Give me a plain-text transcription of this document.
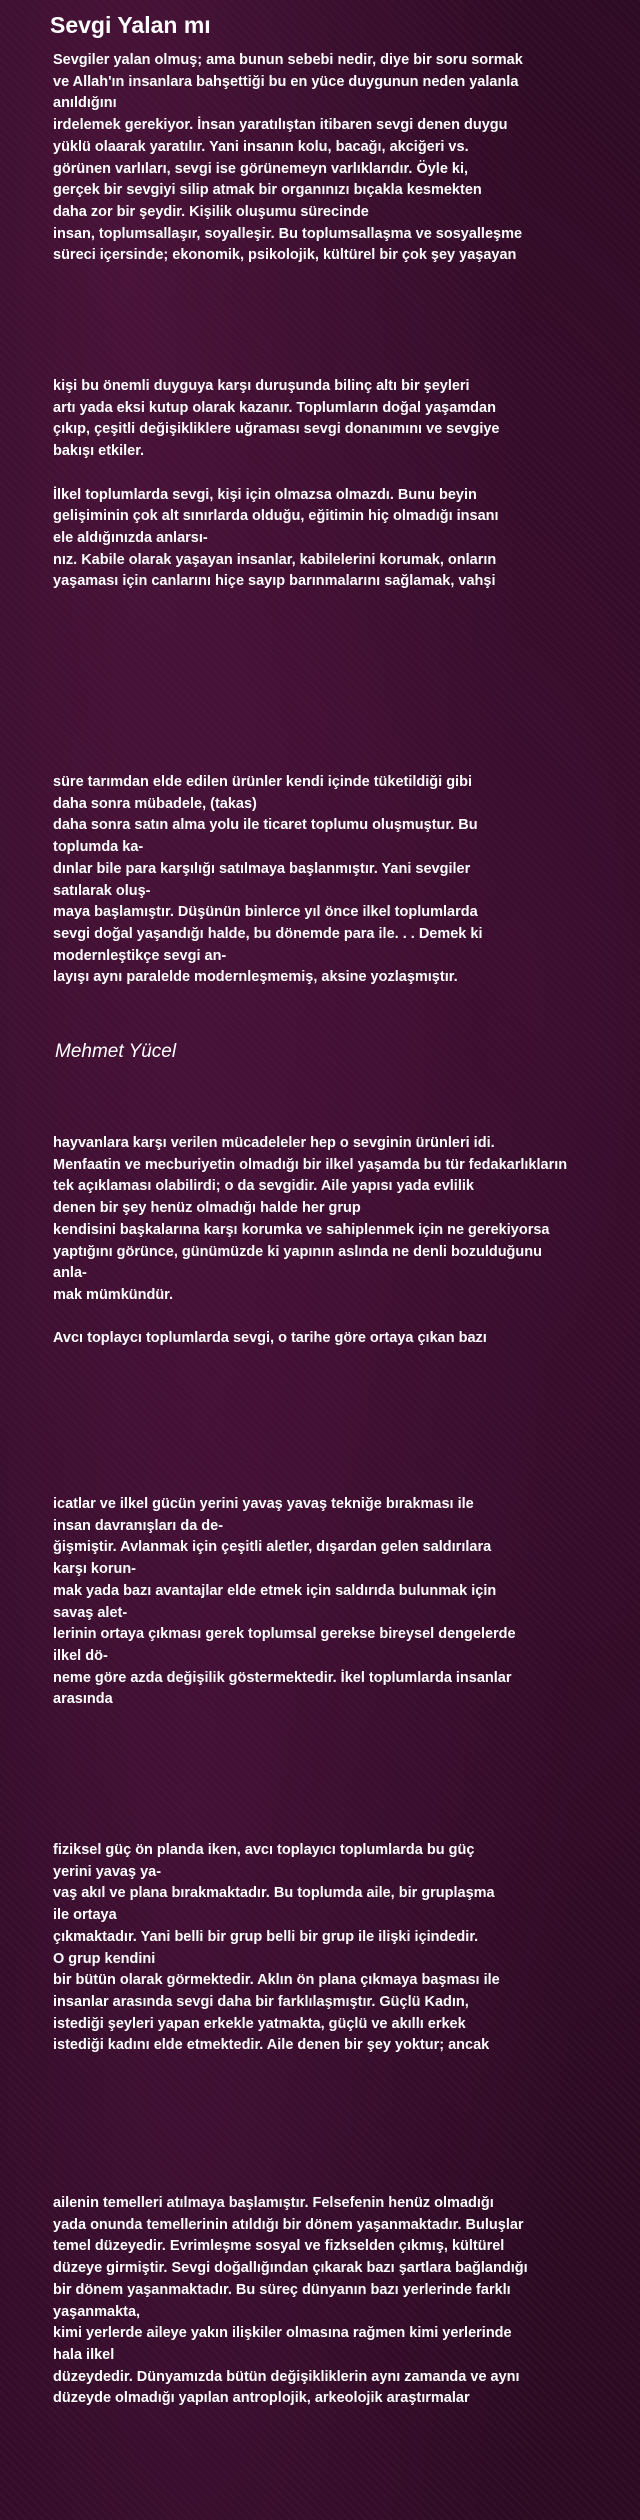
Sevgi Yalan mı

Sevgiler yalan olmuş; ama bunun sebebi nedir, diye bir soru sormak

ve Allah'ın insanlara bahşettiği bu en yüce duygunun neden yalanla

anıldığını

irdelemek gerekiyor. İnsan yaratılıştan itibaren sevgi denen duygu

yüklü olaarak yaratılır. Yani insanın kolu, bacağı, akciğeri vs.

görünen varlıları, sevgi ise görünemeyn varlıklarıdır. Öyle ki,

gerçek bir sevgiyi silip atmak bir organınızı bıçakla kesmekten

daha zor bir şeydir. Kişilik oluşumu sürecinde

insan, toplumsallaşır, soyalleşir. Bu toplumsallaşma ve sosyalleşme

süreci içersinde; ekonomik, psikolojik, kültürel bir çok şey yaşayan

kişi bu önemli duyguya karşı duruşunda bilinç altı bir şeyleri

artı yada eksi kutup olarak kazanır. Toplumların doğal yaşamdan

çıkıp, çeşitli değişikliklere uğraması sevgi donanımını ve sevgiye

bakışı etkiler.

İlkel toplumlarda sevgi, kişi için olmazsa olmazdı. Bunu beyin

gelişiminin çok alt sınırlarda olduğu, eğitimin hiç olmadığı insanı

ele aldığınızda anlarsı-

nız. Kabile olarak yaşayan insanlar, kabilelerini korumak, onların

yaşaması için canlarını hiçe sayıp barınmalarını sağlamak, vahşi

süre tarımdan elde edilen ürünler kendi içinde tüketildiği gibi

daha sonra mübadele, (takas)

daha sonra satın alma yolu ile ticaret toplumu oluşmuştur. Bu

toplumda ka-

dınlar bile para karşılığı satılmaya başlanmıştır. Yani sevgiler

satılarak oluş-

maya başlamıştır. Düşünün binlerce yıl önce ilkel toplumlarda

sevgi doğal yaşandığı halde, bu dönemde para ile. . . Demek ki

modernleştikçe sevgi an-

layışı aynı paralelde modernleşmemiş, aksine yozlaşmıştır.

Mehmet Yücel

hayvanlara karşı verilen mücadeleler hep o sevginin ürünleri idi.

Menfaatin ve mecburiyetin olmadığı bir ilkel yaşamda bu tür fedakarlıkların

tek açıklaması olabilirdi; o da sevgidir. Aile yapısı yada evlilik

denen bir şey henüz olmadığı halde her grup

kendisini başkalarına karşı korumka ve sahiplenmek için ne gerekiyorsa

yaptığını görünce, günümüzde ki yapının aslında ne denli bozulduğunu

anla-

mak mümkündür.

Avcı toplaycı toplumlarda sevgi, o tarihe göre ortaya çıkan bazı

icatlar ve ilkel gücün yerini yavaş yavaş tekniğe bırakması ile

insan davranışları da de-

ğişmiştir. Avlanmak için çeşitli aletler, dışardan gelen saldırılara

karşı korun-

mak yada bazı avantajlar elde etmek için saldırıda bulunmak için

savaş alet-

lerinin ortaya çıkması gerek toplumsal gerekse bireysel dengelerde

ilkel dö-

neme göre azda değişilik göstermektedir. İkel toplumlarda insanlar

arasında

fiziksel güç ön planda iken, avcı toplayıcı toplumlarda bu güç

yerini yavaş ya-

vaş akıl ve plana bırakmaktadır. Bu toplumda aile, bir gruplaşma

ile ortaya

çıkmaktadır. Yani belli bir grup belli bir grup ile ilişki içindedir.

O grup kendini

bir bütün olarak görmektedir. Aklın ön plana çıkmaya başması ile

insanlar arasında sevgi daha bir farklılaşmıştır. Güçlü Kadın,

istediği şeyleri yapan erkekle yatmakta, güçlü ve akıllı erkek

istediği kadını elde etmektedir. Aile denen bir şey yoktur; ancak

ailenin temelleri atılmaya başlamıştır. Felsefenin henüz olmadığı

yada onunda temellerinin atıldığı bir dönem yaşanmaktadır. Buluşlar

temel düzeyedir. Evrimleşme sosyal ve fizkselden çıkmış, kültürel

düzeye girmiştir. Sevgi doğallığından çıkarak bazı şartlara bağlandığı

bir dönem yaşanmaktadır. Bu süreç dünyanın bazı yerlerinde farklı

yaşanmakta,

kimi yerlerde aileye yakın ilişkiler olmasına rağmen kimi yerlerinde

hala ilkel

düzeydedir. Dünyamızda bütün değişikliklerin aynı zamanda ve aynı

düzeyde olmadığı yapılan antroplojik, arkeolojik araştırmalar
